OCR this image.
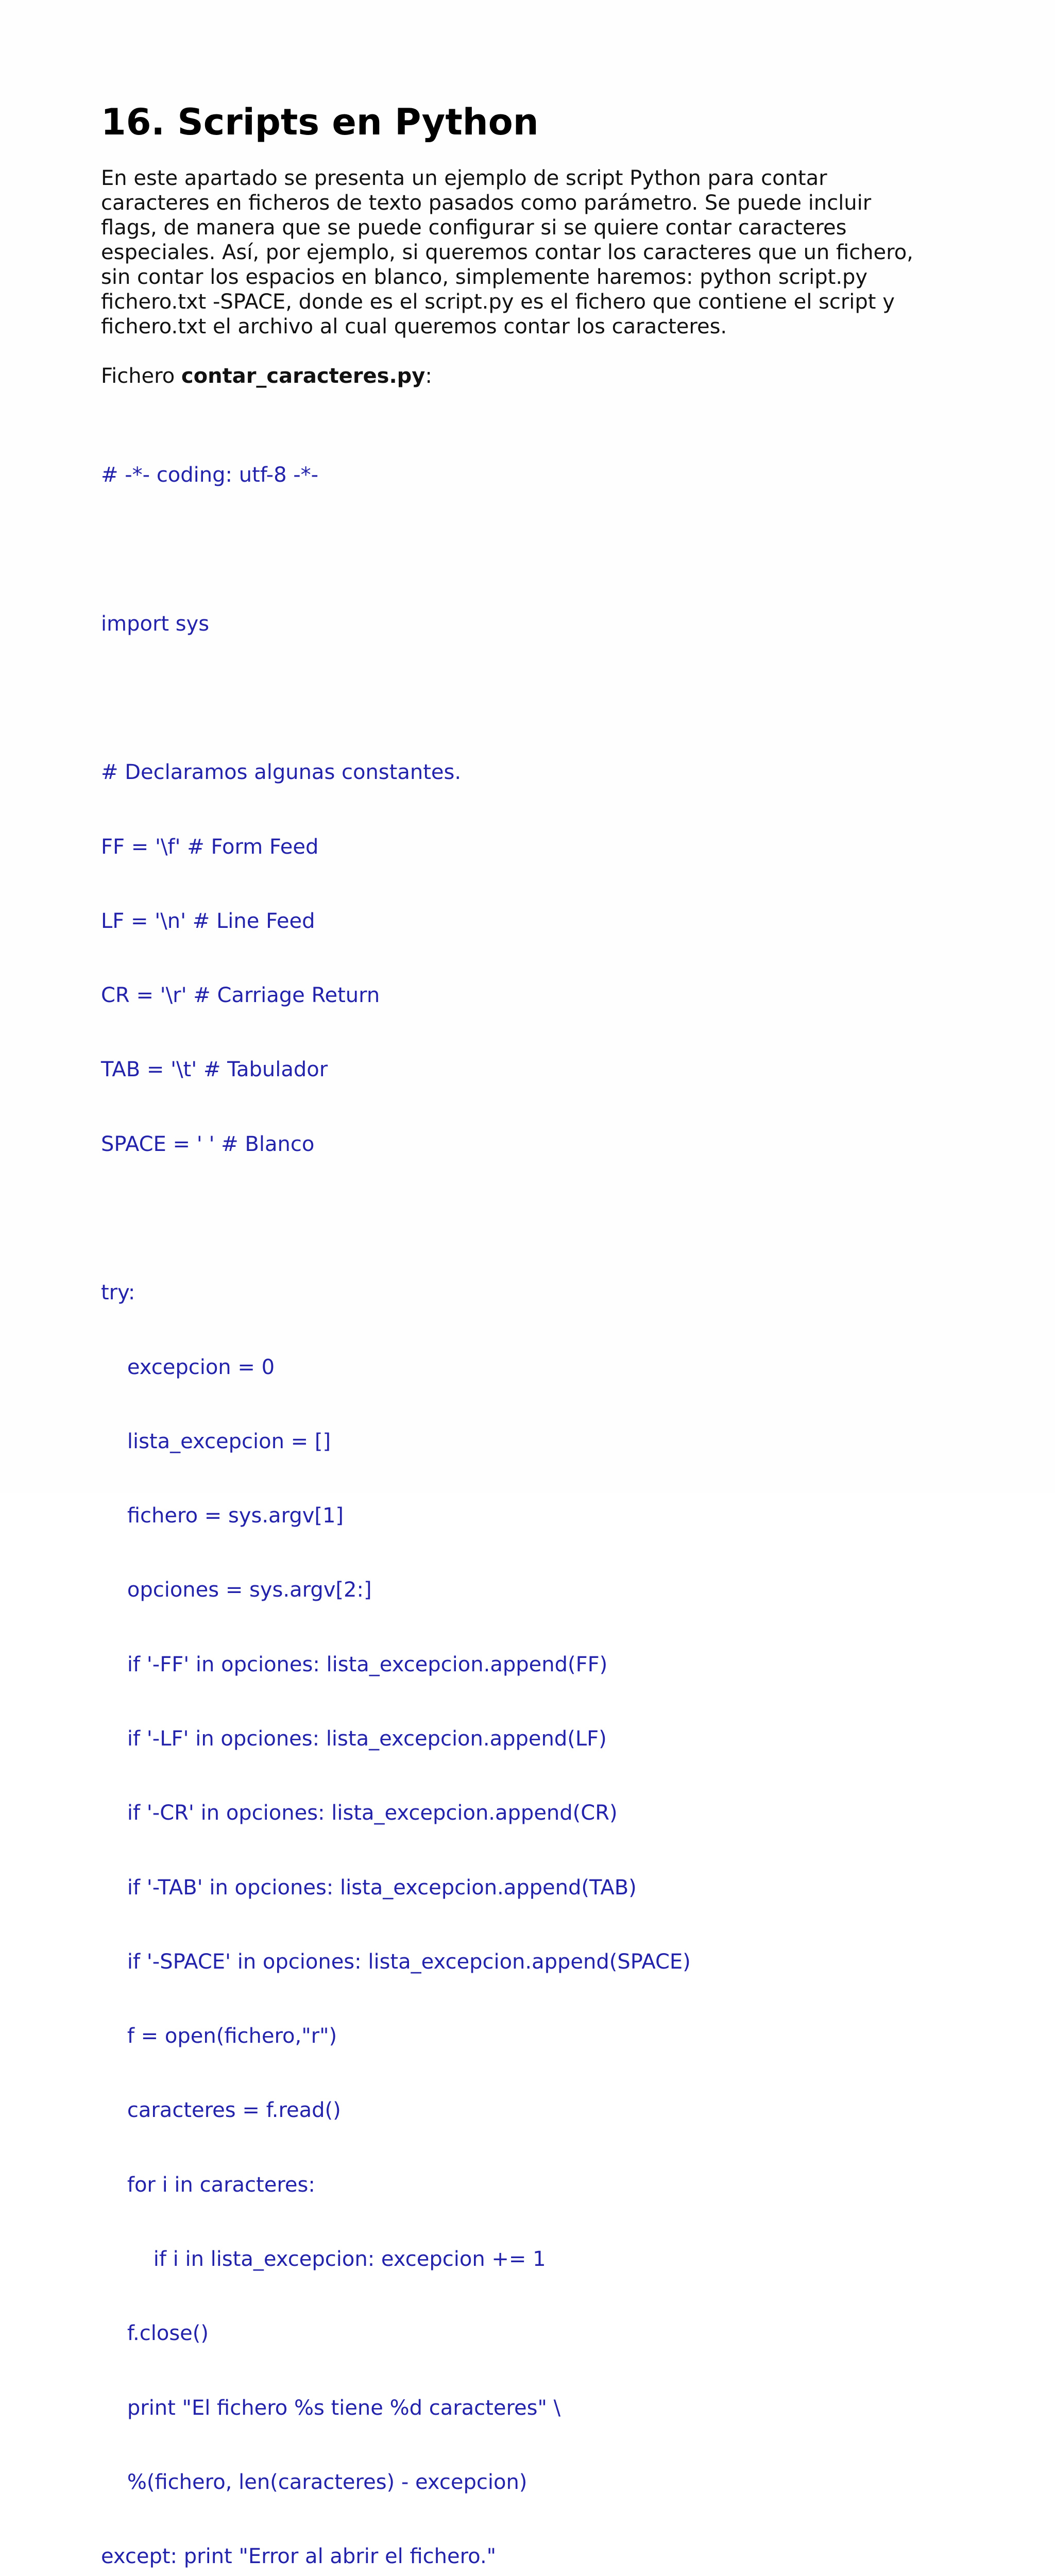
16. Scripts en Python

En este apartado se presenta un ejemplo de script Python para contar
caracteres en ficheros de texto pasados como parámetro. Se puede incluir
flags, de manera que se puede configurar si se quiere contar caracteres
especiales. Así, por ejemplo, si queremos contar los caracteres que un fichero,
sin contar los espacios en blanco, simplemente haremos: python script.py
fichero.txt -SPACE, donde es el script.py es el fichero que contiene el script y
fichero.txt el archivo al cual queremos contar los caracteres.

Fichero contar_caracteres.py:

# -*- coding: utf-8 -*-

import sys

# Declaramos algunas constantes.

FF = '\f' # Form Feed

LF = '\n' # Line Feed

CR = '\r' # Carriage Return

TAB = '\t' # Tabulador

SPACE = ' ' # Blanco

try:

excepcion = 0

lista_excepcion = []

fichero = sys.argv[1]

opciones = sys.argv[2:]

if '-FF' in opciones: lista_excepcion.append(FF)

if '-LF' in opciones: lista_excepcion.append(LF)

if '-CR' in opciones: lista_excepcion.append(CR)

if '-TAB' in opciones: lista_excepcion.append(TAB)

if '-SPACE' in opciones: lista_excepcion.append(SPACE)

f = open(fichero,"r")

caracteres = f.read()

for i in caracteres:

if i in lista_excepcion: excepcion += 1

f.close()

print "El fichero %s tiene %d caracteres" \

%(fichero, len(caracteres) - excepcion)

except: print "Error al abrir el fichero."
